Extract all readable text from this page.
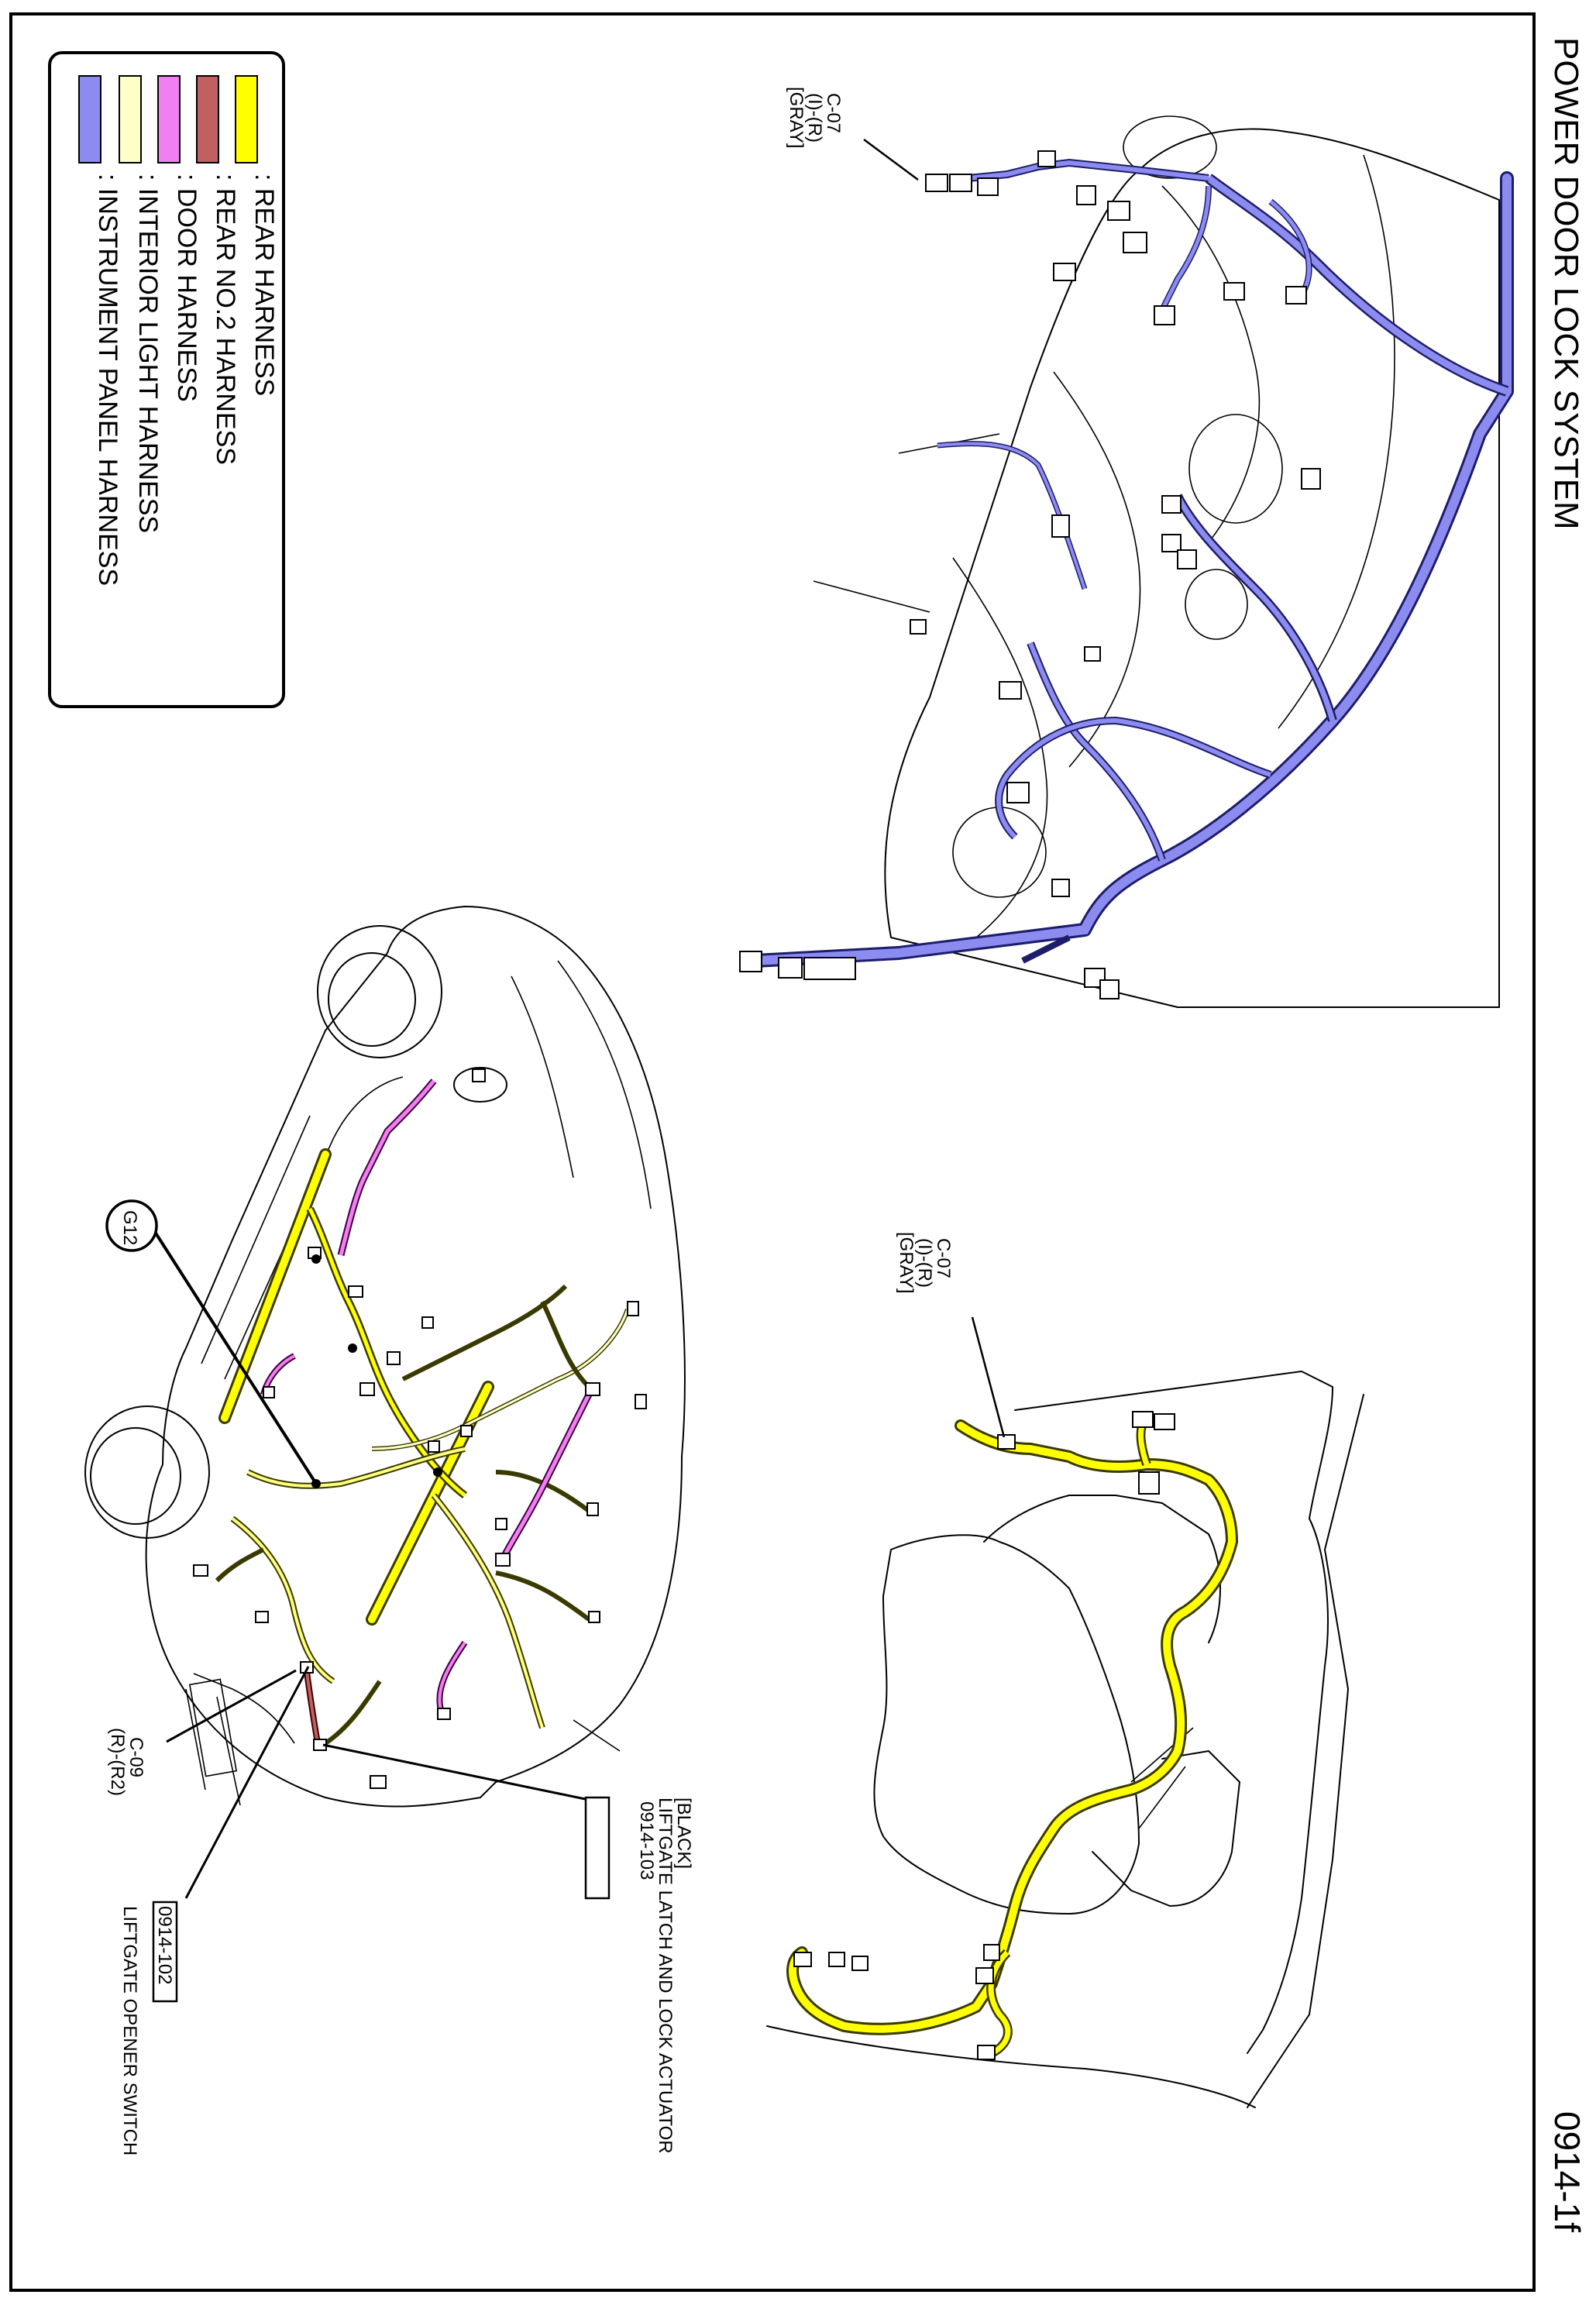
POWER DOOR LOCK SYSTEM
0914-1f
: REAR HARNESS
: REAR NO.2 HARNESS
: DOOR HARNESS
: INTERIOR LIGHT HARNESS
: INSTRUMENT PANEL HARNESS
C-07
(I)-(R)
[GRAY]
G12
C-09
(R)-(R2)
[BLACK]
LIFTGATE LATCH AND LOCK ACTUATOR
0914-103
0914-102
LIFTGATE OPENER SWITCH
C-07
(I)-(R)
[GRAY]
